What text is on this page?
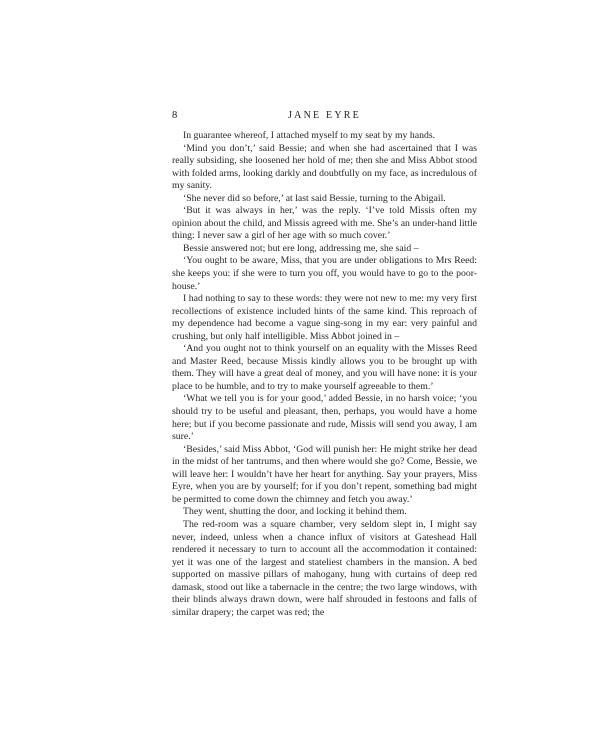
8	JANE EYRE

In guarantee whereof, I attached myself to my seat by my hands.

‘Mind you don’t,’ said Bessie; and when she had ascertained that I was really subsiding, she loosened her hold of me; then she and Miss Abbot stood with folded arms, looking darkly and doubtfully on my face, as incredulous of my sanity.

‘She never did so before,’ at last said Bessie, turning to the Abigail.

‘But it was always in her,’ was the reply. ‘I’ve told Missis often my opinion about the child, and Missis agreed with me. She’s an under-hand little thing: I never saw a girl of her age with so much cover.’

Bessie answered not; but ere long, addressing me, she said –

‘You ought to be aware, Miss, that you are under obligations to Mrs Reed: she keeps you: if she were to turn you off, you would have to go to the poor-house.’

I had nothing to say to these words: they were not new to me: my very first recollections of existence included hints of the same kind. This reproach of my dependence had become a vague sing-song in my ear: very painful and crushing, but only half intelligible. Miss Abbot joined in –

‘And you ought not to think yourself on an equality with the Misses Reed and Master Reed, because Missis kindly allows you to be brought up with them. They will have a great deal of money, and you will have none: it is your place to be humble, and to try to make yourself agreeable to them.’

‘What we tell you is for your good,’ added Bessie, in no harsh voice; ‘you should try to be useful and pleasant, then, perhaps, you would have a home here; but if you become passionate and rude, Missis will send you away, I am sure.’

‘Besides,’ said Miss Abbot, ‘God will punish her: He might strike her dead in the midst of her tantrums, and then where would she go? Come, Bessie, we will leave her: I wouldn’t have her heart for anything. Say your prayers, Miss Eyre, when you are by yourself; for if you don’t repent, something bad might be permitted to come down the chimney and fetch you away.’

They went, shutting the door, and locking it behind them.

The red-room was a square chamber, very seldom slept in, I might say never, indeed, unless when a chance influx of visitors at Gateshead Hall rendered it necessary to turn to account all the accommodation it contained: yet it was one of the largest and stateliest chambers in the mansion. A bed supported on massive pillars of mahogany, hung with curtains of deep red damask, stood out like a tabernacle in the centre; the two large windows, with their blinds always drawn down, were half shrouded in festoons and falls of similar drapery; the carpet was red; the
